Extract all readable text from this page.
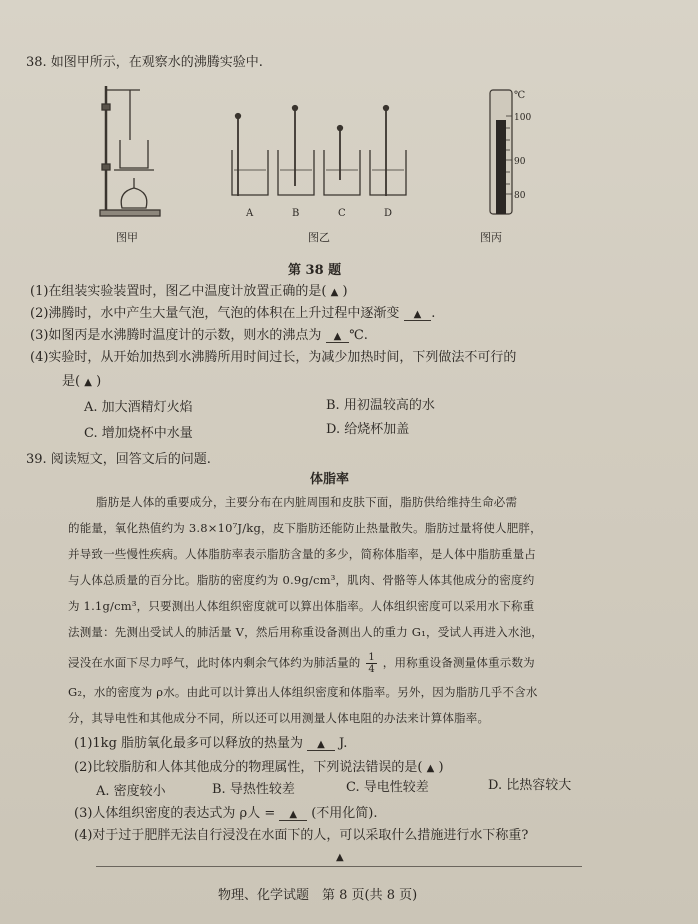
38. 如图甲所示，在观察水的沸腾实验中.
图甲
A	B	C	D
图乙
℃
100
90
80
图丙
第 38 题
(1)在组装实验装置时，图乙中温度计放置正确的是( ▲ )
(2)沸腾时，水中产生大量气泡，气泡的体积在上升过程中逐渐变 ▲ .
(3)如图丙是水沸腾时温度计的示数，则水的沸点为 ▲ ℃.
(4)实验时，从开始加热到水沸腾所用时间过长，为减少加热时间，下列做法不可行的
是( ▲ )
A. 加大酒精灯火焰	B. 用初温较高的水
C. 增加烧杯中水量	D. 给烧杯加盖
39. 阅读短文，回答文后的问题.
体脂率
脂肪是人体的重要成分，主要分布在内脏周围和皮肤下面，脂肪供给维持生命必需
的能量，氧化热值约为 3.8×10⁷J/kg，皮下脂肪还能防止热量散失。脂肪过量将使人肥胖，
并导致一些慢性疾病。人体脂肪率表示脂肪含量的多少，简称体脂率，是人体中脂肪重量占
与人体总质量的百分比。脂肪的密度约为 0.9g/cm³，肌肉、骨骼等人体其他成分的密度约
为 1.1g/cm³，只要测出人体组织密度就可以算出体脂率。人体组织密度可以采用水下称重
法测量：先测出受试人的肺活量 V，然后用称重设备测出人的重力 G₁，受试人再进入水池，
浸没在水面下尽力呼气，此时体内剩余气体约为肺活量的 $\frac{1}{4}$ ，用称重设备测量体重示数为
G₂，水的密度为 ρ水。由此可以计算出人体组织密度和体脂率。另外，因为脂肪几乎不含水
分，其导电性和其他成分不同，所以还可以用测量人体电阻的办法来计算体脂率。
(1)1kg 脂肪氧化最多可以释放的热量为 ▲ J.
(2)比较脂肪和人体其他成分的物理属性，下列说法错误的是( ▲ )
A. 密度较小	B. 导热性较差	C. 导电性较差	D. 比热容较大
(3)人体组织密度的表达式为 ρ人 = ▲ (不用化简).
(4)对于过于肥胖无法自行浸没在水面下的人，可以采取什么措施进行水下称重?
▲
物理、化学试题　第 8 页(共 8 页)
